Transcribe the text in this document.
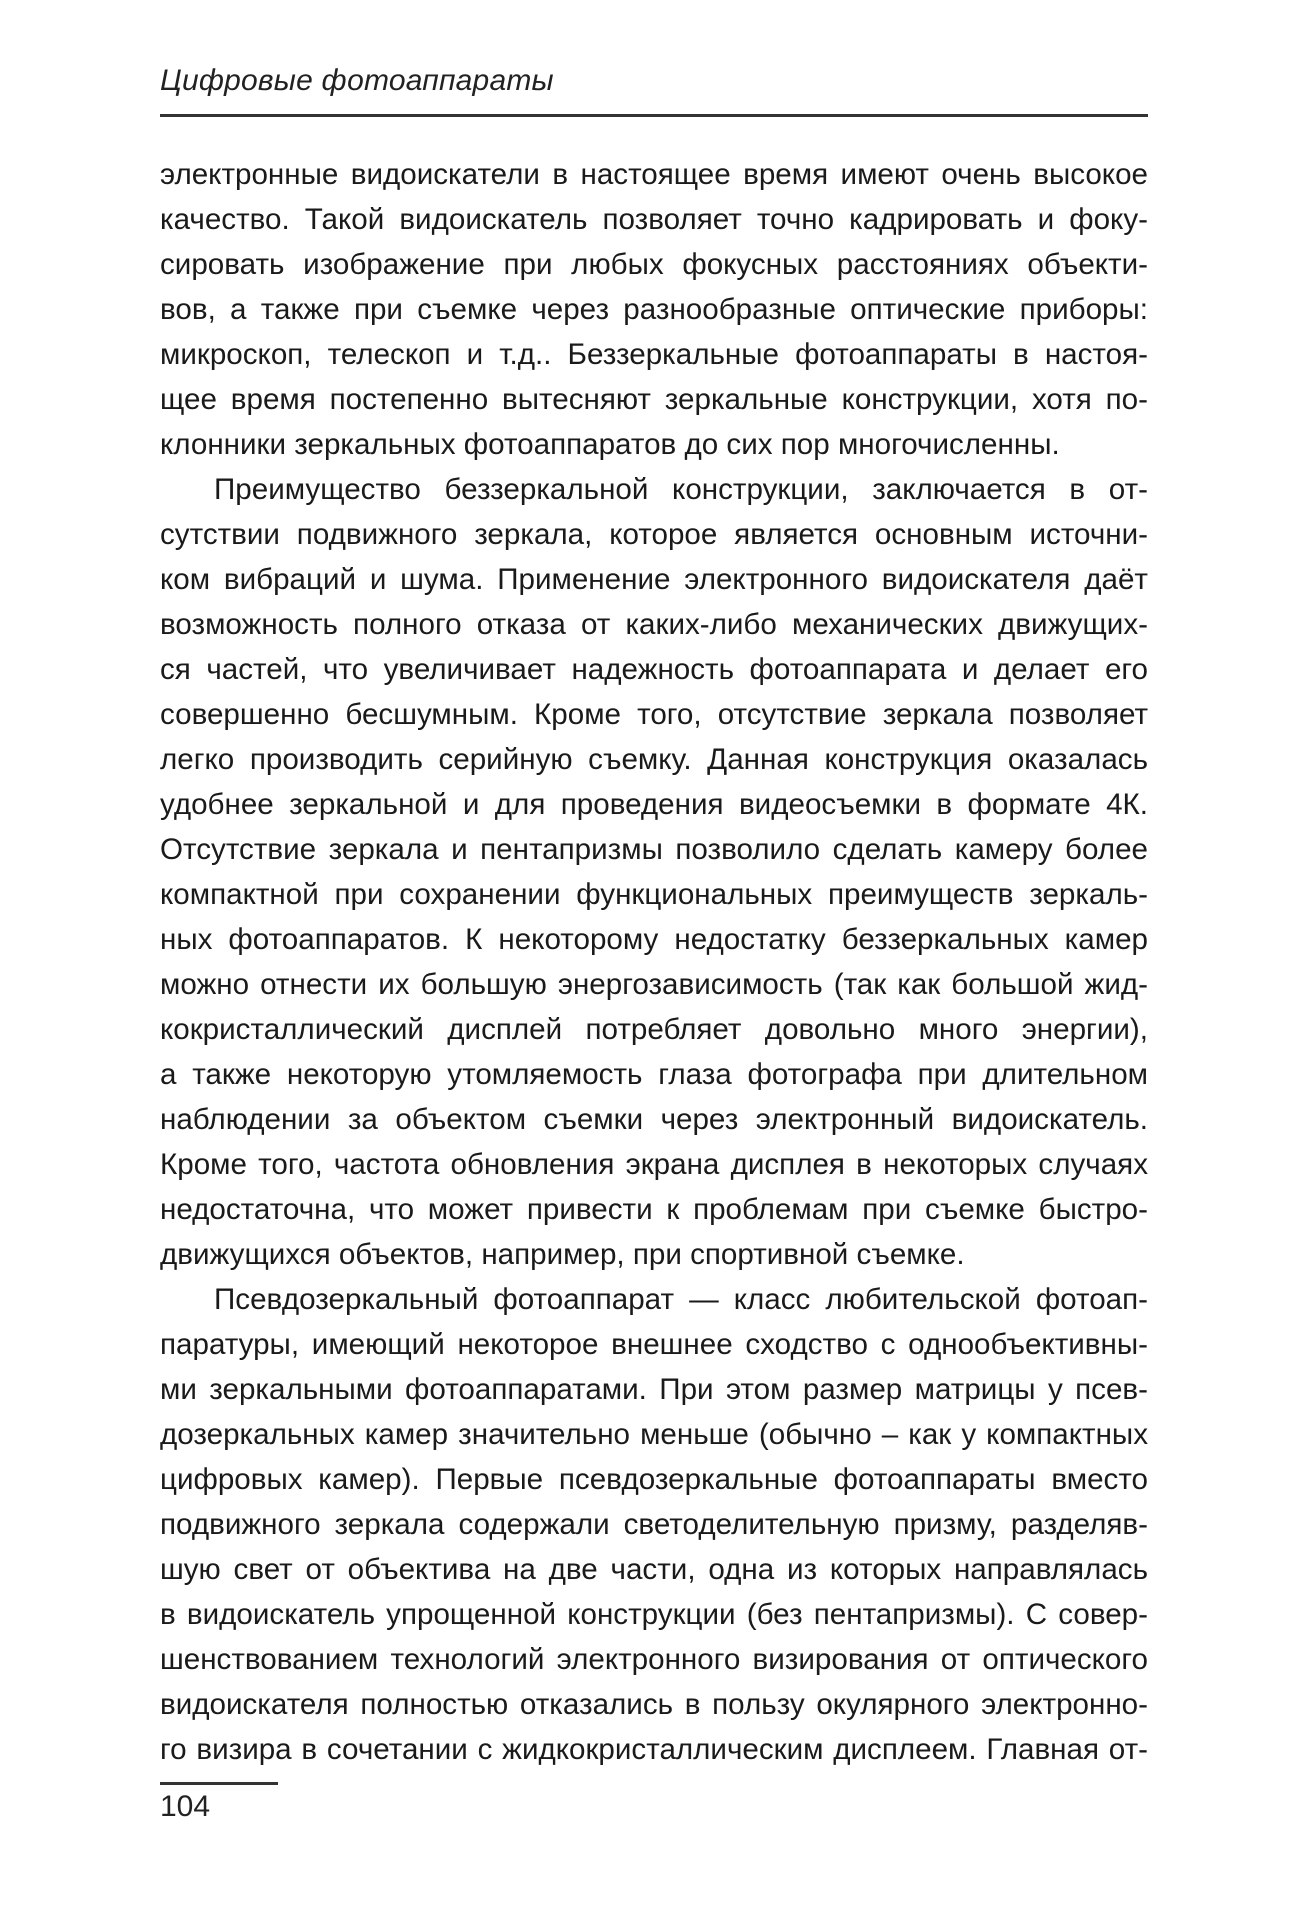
Цифровые фотоаппараты
электронные видоискатели в настоящее время имеют очень высокое
качество. Такой видоискатель позволяет точно кадрировать и фоку-
сировать изображение при любых фокусных расстояниях объекти-
вов, а также при съемке через разнообразные оптические приборы:
микроскоп, телескоп и т.д.. Беззеркальные фотоаппараты в настоя-
щее время постепенно вытесняют зеркальные конструкции, хотя по-
клонники зеркальных фотоаппаратов до сих пор многочисленны.
Преимущество беззеркальной конструкции, заключается в от-
сутствии подвижного зеркала, которое является основным источни-
ком вибраций и шума. Применение электронного видоискателя даёт
возможность полного отказа от каких-либо механических движущих-
ся частей, что увеличивает надежность фотоаппарата и делает его
совершенно бесшумным. Кроме того, отсутствие зеркала позволяет
легко производить серийную съемку. Данная конструкция оказалась
удобнее зеркальной и для проведения видеосъемки в формате 4К.
Отсутствие зеркала и пентапризмы позволило сделать камеру более
компактной при сохранении функциональных преимуществ зеркаль-
ных фотоаппаратов. К некоторому недостатку беззеркальных камер
можно отнести их большую энергозависимость (так как большой жид-
кокристаллический дисплей потребляет довольно много энергии),
а также некоторую утомляемость глаза фотографа при длительном
наблюдении за объектом съемки через электронный видоискатель.
Кроме того, частота обновления экрана дисплея в некоторых случаях
недостаточна, что может привести к проблемам при съемке быстро-
движущихся объектов, например, при спортивной съемке.
Псевдозеркальный фотоаппарат — класс любительской фотоап-
паратуры, имеющий некоторое внешнее сходство с однообъективны-
ми зеркальными фотоаппаратами. При этом размер матрицы у псев-
дозеркальных камер значительно меньше (обычно – как у компактных
цифровых камер). Первые псевдозеркальные фотоаппараты вместо
подвижного зеркала содержали светоделительную призму, разделяв-
шую свет от объектива на две части, одна из которых направлялась
в видоискатель упрощенной конструкции (без пентапризмы). С совер-
шенствованием технологий электронного визирования от оптического
видоискателя полностью отказались в пользу окулярного электронно-
го визира в сочетании с жидкокристаллическим дисплеем. Главная от-
104
